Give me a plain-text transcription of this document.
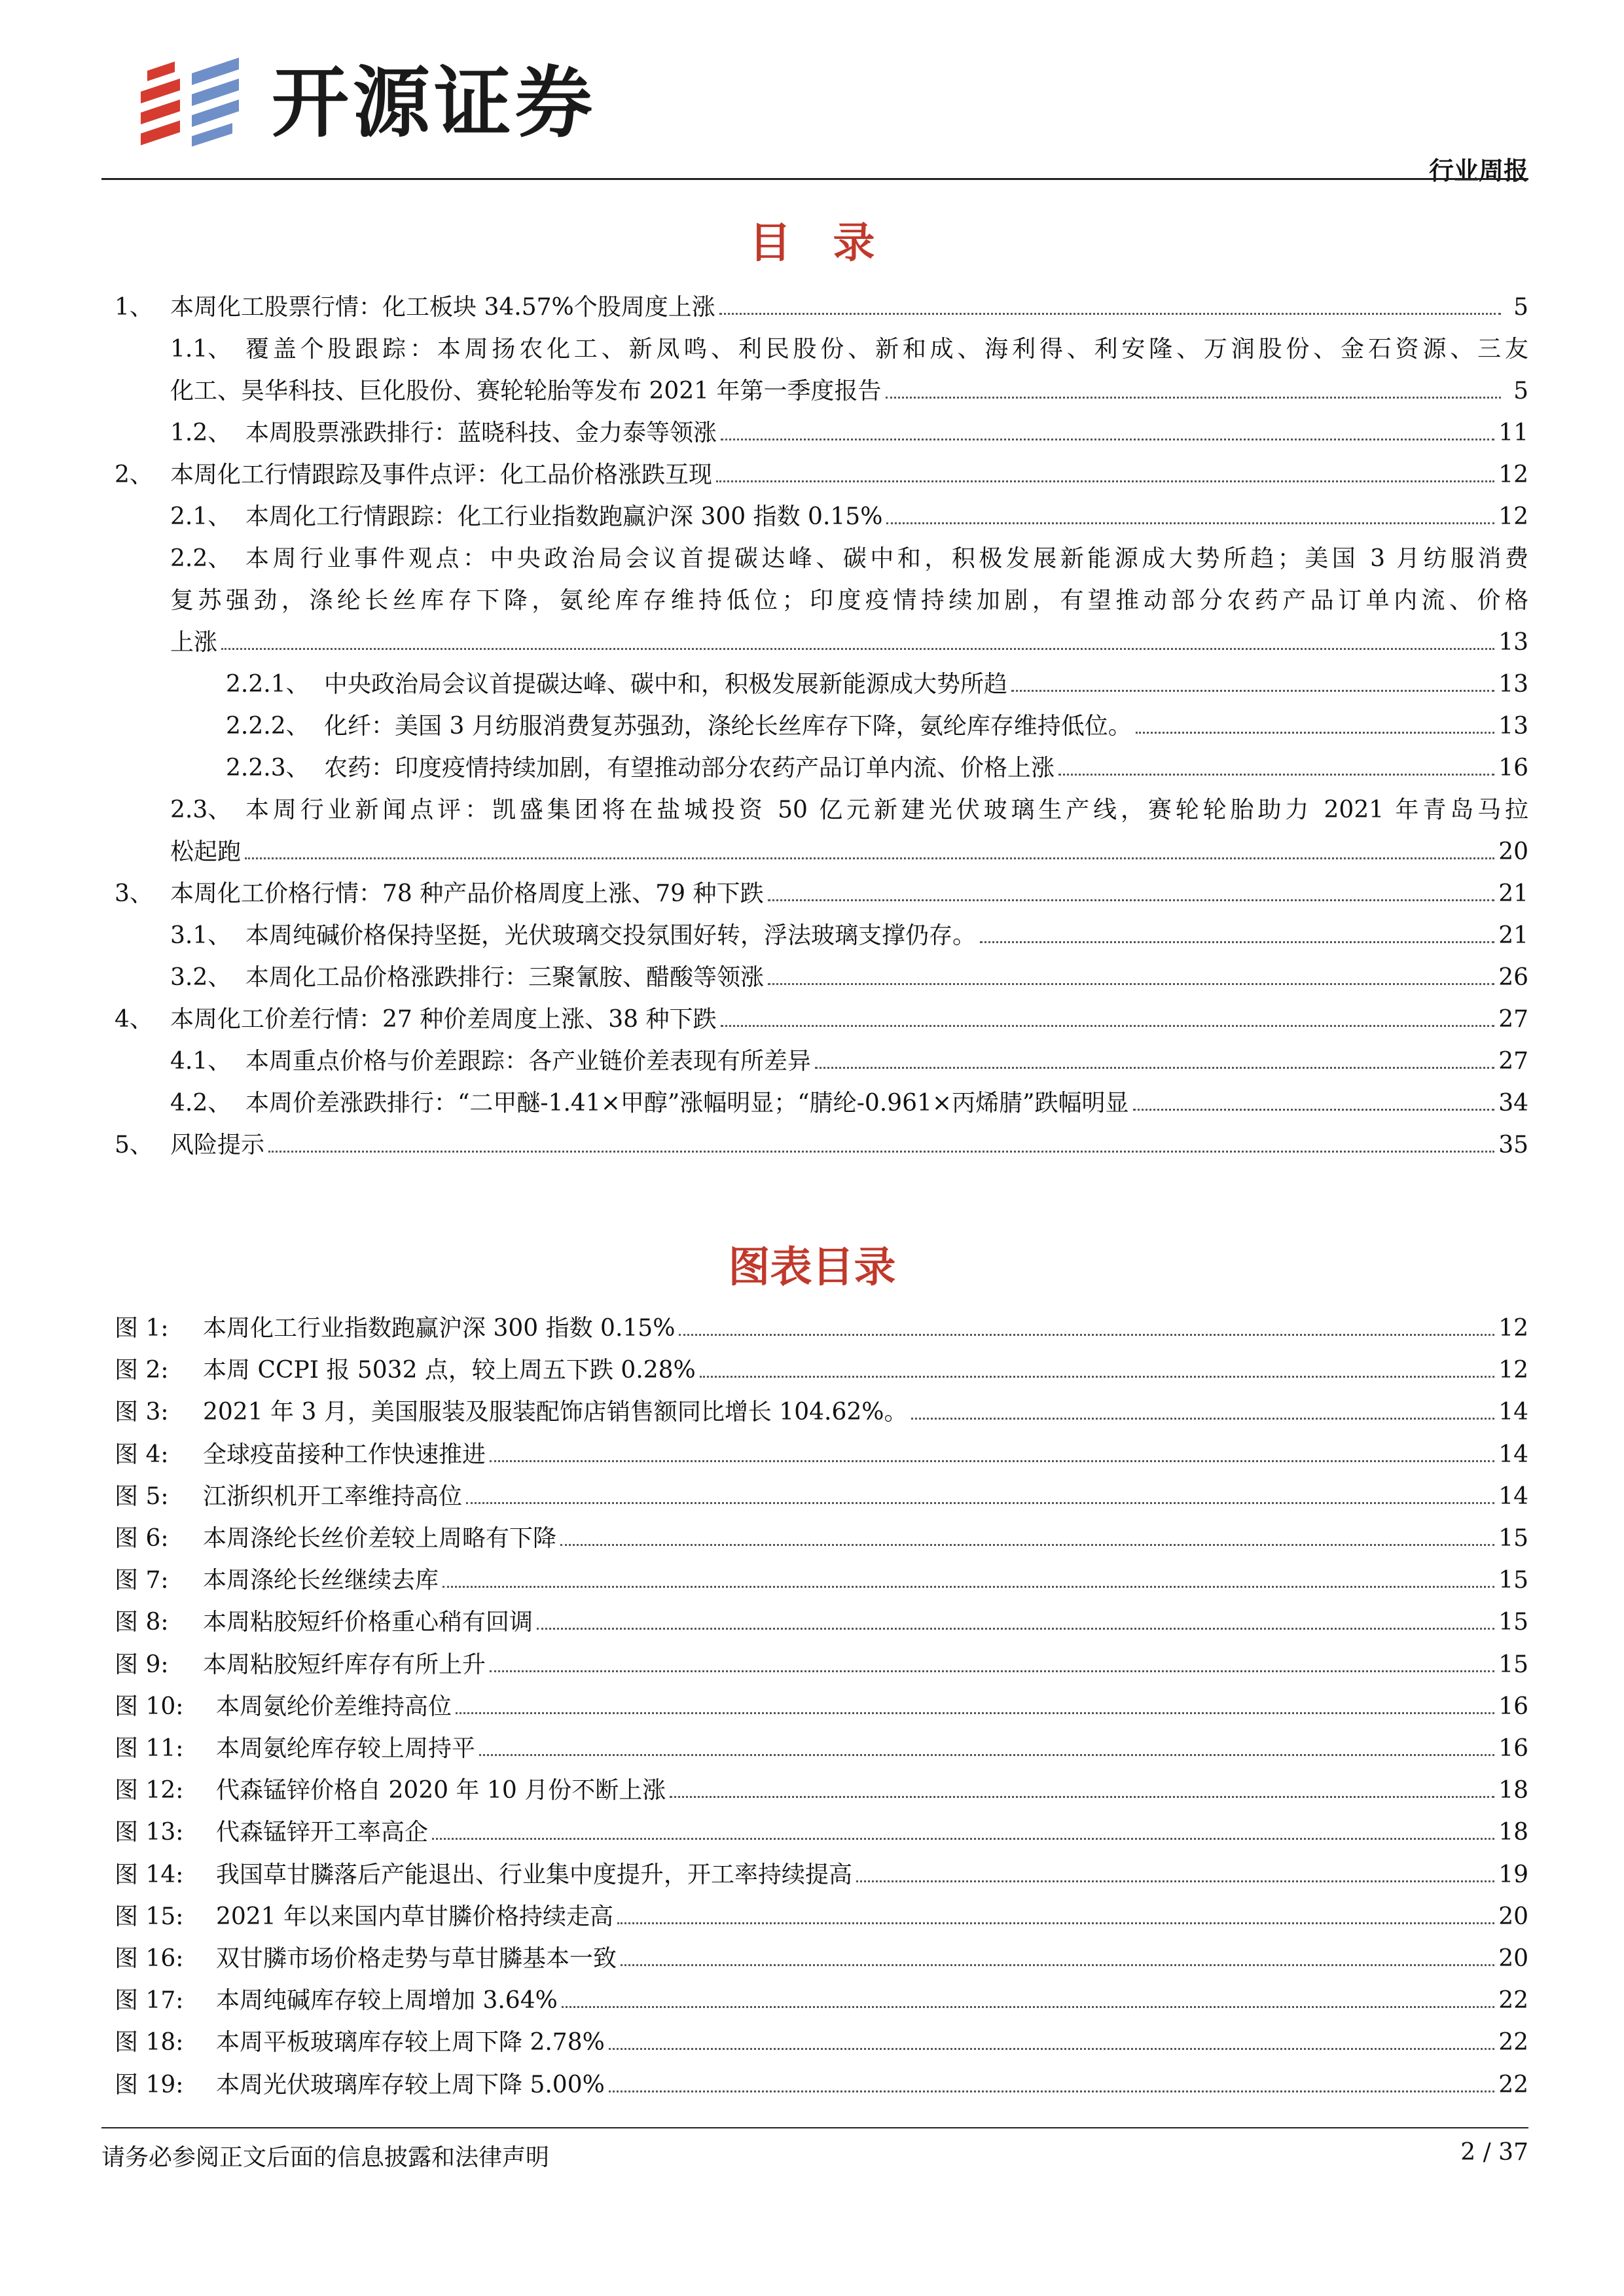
开源证券
行业周报
目　录
1、 本周化工股票行情：化工板块 34.57%个股周度上涨	5
1.1、 覆盖个股跟踪：本周扬农化工、新凤鸣、利民股份、新和成、海利得、利安隆、万润股份、金石资源、三友
化工、昊华科技、巨化股份、赛轮轮胎等发布 2021 年第一季度报告	5
1.2、 本周股票涨跌排行：蓝晓科技、金力泰等领涨	11
2、 本周化工行情跟踪及事件点评：化工品价格涨跌互现	12
2.1、 本周化工行情跟踪：化工行业指数跑赢沪深 300 指数 0.15%	12
2.2、 本周行业事件观点：中央政治局会议首提碳达峰、碳中和，积极发展新能源成大势所趋；美国 3 月纺服消费
复苏强劲，涤纶长丝库存下降，氨纶库存维持低位；印度疫情持续加剧，有望推动部分农药产品订单内流、价格
上涨	13
2.2.1、 中央政治局会议首提碳达峰、碳中和，积极发展新能源成大势所趋	13
2.2.2、 化纤：美国 3 月纺服消费复苏强劲，涤纶长丝库存下降，氨纶库存维持低位。	13
2.2.3、 农药：印度疫情持续加剧，有望推动部分农药产品订单内流、价格上涨	16
2.3、 本周行业新闻点评：凯盛集团将在盐城投资 50 亿元新建光伏玻璃生产线，赛轮轮胎助力 2021 年青岛马拉
松起跑	20
3、 本周化工价格行情：78 种产品价格周度上涨、79 种下跌	21
3.1、 本周纯碱价格保持坚挺，光伏玻璃交投氛围好转，浮法玻璃支撑仍存。	21
3.2、 本周化工品价格涨跌排行：三聚氰胺、醋酸等领涨	26
4、 本周化工价差行情：27 种价差周度上涨、38 种下跌	27
4.1、 本周重点价格与价差跟踪：各产业链价差表现有所差异	27
4.2、 本周价差涨跌排行：“二甲醚-1.41×甲醇”涨幅明显；“腈纶-0.961×丙烯腈”跌幅明显	34
5、 风险提示	35
图表目录
图 1:	本周化工行业指数跑赢沪深 300 指数 0.15%	12
图 2:	本周 CCPI 报 5032 点，较上周五下跌 0.28%	12
图 3:	2021 年 3 月，美国服装及服装配饰店销售额同比增长 104.62%。	14
图 4:	全球疫苗接种工作快速推进	14
图 5:	江浙织机开工率维持高位	14
图 6:	本周涤纶长丝价差较上周略有下降	15
图 7:	本周涤纶长丝继续去库	15
图 8:	本周粘胶短纤价格重心稍有回调	15
图 9:	本周粘胶短纤库存有所上升	15
图 10:	本周氨纶价差维持高位	16
图 11:	本周氨纶库存较上周持平	16
图 12:	代森锰锌价格自 2020 年 10 月份不断上涨	18
图 13:	代森锰锌开工率高企	18
图 14:	我国草甘膦落后产能退出、行业集中度提升，开工率持续提高	19
图 15:	2021 年以来国内草甘膦价格持续走高	20
图 16:	双甘膦市场价格走势与草甘膦基本一致	20
图 17:	本周纯碱库存较上周增加 3.64%	22
图 18:	本周平板玻璃库存较上周下降 2.78%	22
图 19:	本周光伏玻璃库存较上周下降 5.00%	22
请务必参阅正文后面的信息披露和法律声明	2 / 37
